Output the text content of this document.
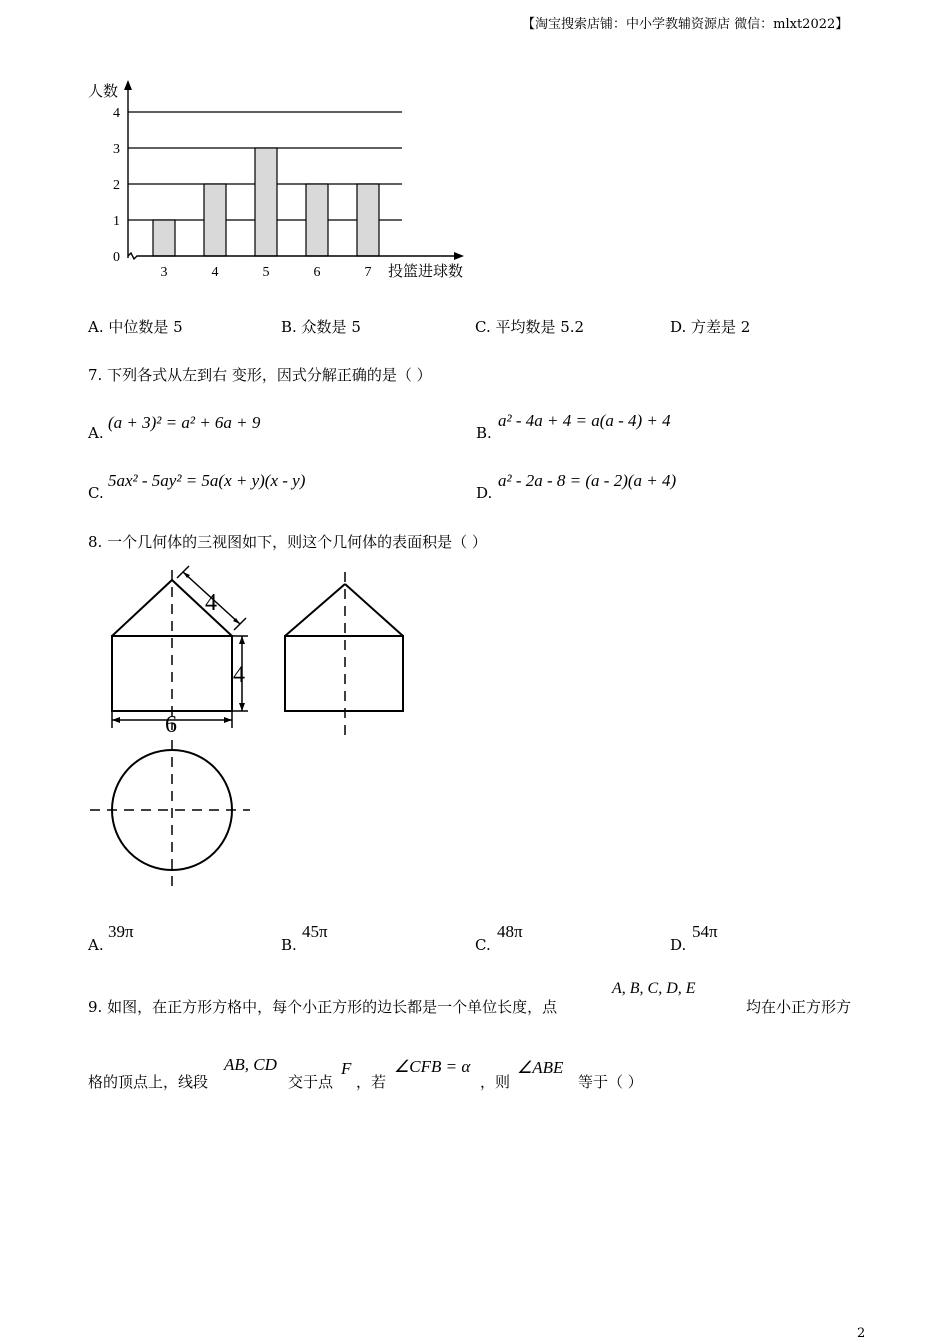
【淘宝搜索店铺：中小学教辅资源店 微信：mlxt2022】
0
1
2
3
4
3	4	5	6	7
人数
投篮进球数
A. 中位数是 5	B. 众数是 5	C. 平均数是 5.2	D. 方差是 2
7. 下列各式从左到右 变形，因式分解正确的是（ ）
A.
(a + 3)² = a² + 6a + 9
B.
a² - 4a + 4 = a(a - 4) + 4
C.
5ax² - 5ay² = 5a(x + y)(x - y)
D.
a² - 2a - 8 = (a - 2)(a + 4)
8. 一个几何体的三视图如下，则这个几何体的表面积是（ ）
4
4
6
A.
39π
B.
45π
C.
48π
D.
54π
9. 如图，在正方形方格中，每个小正方形的边长都是一个单位长度，点
A, B, C, D, E
均在小正方形方
格的顶点上，线段
AB, CD
交于点
F
，若
∠CFB = α
，则
∠ABE
等于（ ）
2
